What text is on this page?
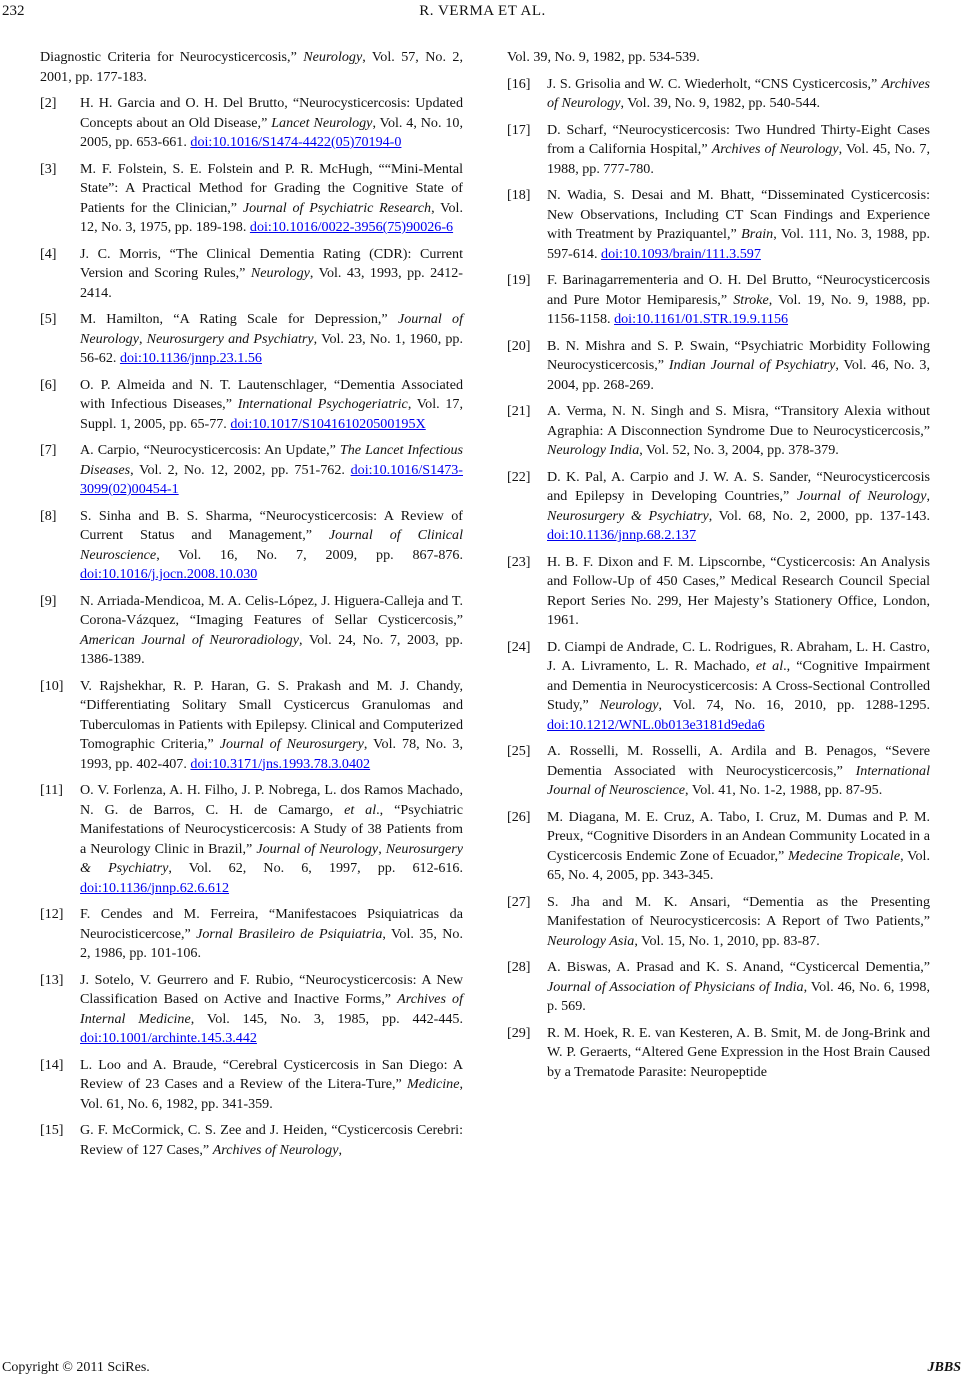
232	R. VERMA ET AL.
Diagnostic Criteria for Neurocysticercosis,” Neurology, Vol. 57, No. 2, 2001, pp. 177-183.
[2]	H. H. Garcia and O. H. Del Brutto, “Neurocysticercosis: Updated Concepts about an Old Disease,” Lancet Neurology, Vol. 4, No. 10, 2005, pp. 653-661. doi:10.1016/S1474-4422(05)70194-0
[3]	M. F. Folstein, S. E. Folstein and P. R. McHugh, ““Mini-Mental State”: A Practical Method for Grading the Cognitive State of Patients for the Clinician,” Journal of Psychiatric Research, Vol. 12, No. 3, 1975, pp. 189-198. doi:10.1016/0022-3956(75)90026-6
[4]	J. C. Morris, “The Clinical Dementia Rating (CDR): Current Version and Scoring Rules,” Neurology, Vol. 43, 1993, pp. 2412-2414.
[5]	M. Hamilton, “A Rating Scale for Depression,” Journal of Neurology, Neurosurgery and Psychiatry, Vol. 23, No. 1, 1960, pp. 56-62. doi:10.1136/jnnp.23.1.56
[6]	O. P. Almeida and N. T. Lautenschlager, “Dementia Associated with Infectious Diseases,” International Psychogeriatric, Vol. 17, Suppl. 1, 2005, pp. 65-77. doi:10.1017/S104161020500195X
[7]	A. Carpio, “Neurocysticercosis: An Update,” The Lancet Infectious Diseases, Vol. 2, No. 12, 2002, pp. 751-762. doi:10.1016/S1473-3099(02)00454-1
[8]	S. Sinha and B. S. Sharma, “Neurocysticercosis: A Review of Current Status and Management,” Journal of Clinical Neuroscience, Vol. 16, No. 7, 2009, pp. 867-876. doi:10.1016/j.jocn.2008.10.030
[9]	N. Arriada-Mendicoa, M. A. Celis-López, J. Higuera-Calleja and T. Corona-Vázquez, “Imaging Features of Sellar Cysticercosis,” American Journal of Neuroradiology, Vol. 24, No. 7, 2003, pp. 1386-1389.
[10]	V. Rajshekhar, R. P. Haran, G. S. Prakash and M. J. Chandy, “Differentiating Solitary Small Cysticercus Granulomas and Tuberculomas in Patients with Epilepsy. Clinical and Computerized Tomographic Criteria,” Journal of Neurosurgery, Vol. 78, No. 3, 1993, pp. 402-407. doi:10.3171/jns.1993.78.3.0402
[11]	O. V. Forlenza, A. H. Filho, J. P. Nobrega, L. dos Ramos Machado, N. G. de Barros, C. H. de Camargo, et al., “Psychiatric Manifestations of Neurocysticercosis: A Study of 38 Patients from a Neurology Clinic in Brazil,” Journal of Neurology, Neurosurgery & Psychiatry, Vol. 62, No. 6, 1997, pp. 612-616. doi:10.1136/jnnp.62.6.612
[12]	F. Cendes and M. Ferreira, “Manifestacoes Psiquiatricas da Neurocisticercose,” Jornal Brasileiro de Psiquiatria, Vol. 35, No. 2, 1986, pp. 101-106.
[13]	J. Sotelo, V. Geurrero and F. Rubio, “Neurocysticercosis: A New Classification Based on Active and Inactive Forms,” Archives of Internal Medicine, Vol. 145, No. 3, 1985, pp. 442-445. doi:10.1001/archinte.145.3.442
[14]	L. Loo and A. Braude, “Cerebral Cysticercosis in San Diego: A Review of 23 Cases and a Review of the Litera-Ture,” Medicine, Vol. 61, No. 6, 1982, pp. 341-359.
[15]	G. F. McCormick, C. S. Zee and J. Heiden, “Cysticercosis Cerebri: Review of 127 Cases,” Archives of Neurology,
Vol. 39, No. 9, 1982, pp. 534-539.
[16]	J. S. Grisolia and W. C. Wiederholt, “CNS Cysticercosis,” Archives of Neurology, Vol. 39, No. 9, 1982, pp. 540-544.
[17]	D. Scharf, “Neurocysticercosis: Two Hundred Thirty-Eight Cases from a California Hospital,” Archives of Neurology, Vol. 45, No. 7, 1988, pp. 777-780.
[18]	N. Wadia, S. Desai and M. Bhatt, “Disseminated Cysticercosis: New Observations, Including CT Scan Findings and Experience with Treatment by Praziquantel,” Brain, Vol. 111, No. 3, 1988, pp. 597-614. doi:10.1093/brain/111.3.597
[19]	F. Barinagarrementeria and O. H. Del Brutto, “Neurocysticercosis and Pure Motor Hemiparesis,” Stroke, Vol. 19, No. 9, 1988, pp. 1156-1158. doi:10.1161/01.STR.19.9.1156
[20]	B. N. Mishra and S. P. Swain, “Psychiatric Morbidity Following Neurocysticercosis,” Indian Journal of Psychiatry, Vol. 46, No. 3, 2004, pp. 268-269.
[21]	A. Verma, N. N. Singh and S. Misra, “Transitory Alexia without Agraphia: A Disconnection Syndrome Due to Neurocysticercosis,” Neurology India, Vol. 52, No. 3, 2004, pp. 378-379.
[22]	D. K. Pal, A. Carpio and J. W. A. S. Sander, “Neurocysticercosis and Epilepsy in Developing Countries,” Journal of Neurology, Neurosurgery & Psychiatry, Vol. 68, No. 2, 2000, pp. 137-143. doi:10.1136/jnnp.68.2.137
[23]	H. B. F. Dixon and F. M. Lipscornbe, “Cysticercosis: An Analysis and Follow-Up of 450 Cases,” Medical Research Council Special Report Series No. 299, Her Majesty’s Stationery Office, London, 1961.
[24]	D. Ciampi de Andrade, C. L. Rodrigues, R. Abraham, L. H. Castro, J. A. Livramento, L. R. Machado, et al., “Cognitive Impairment and Dementia in Neurocysticercosis: A Cross-Sectional Controlled Study,” Neurology, Vol. 74, No. 16, 2010, pp. 1288-1295. doi:10.1212/WNL.0b013e3181d9eda6
[25]	A. Rosselli, M. Rosselli, A. Ardila and B. Penagos, “Severe Dementia Associated with Neurocysticercosis,” International Journal of Neuroscience, Vol. 41, No. 1-2, 1988, pp. 87-95.
[26]	M. Diagana, M. E. Cruz, A. Tabo, I. Cruz, M. Dumas and P. M. Preux, “Cognitive Disorders in an Andean Community Located in a Cysticercosis Endemic Zone of Ecuador,” Medecine Tropicale, Vol. 65, No. 4, 2005, pp. 343-345.
[27]	S. Jha and M. K. Ansari, “Dementia as the Presenting Manifestation of Neurocysticercosis: A Report of Two Patients,” Neurology Asia, Vol. 15, No. 1, 2010, pp. 83-87.
[28]	A. Biswas, A. Prasad and K. S. Anand, “Cysticercal Dementia,” Journal of Association of Physicians of India, Vol. 46, No. 6, 1998, p. 569.
[29]	R. M. Hoek, R. E. van Kesteren, A. B. Smit, M. de Jong-Brink and W. P. Geraerts, “Altered Gene Expression in the Host Brain Caused by a Trematode Parasite: Neuropeptide
Copyright © 2011 SciRes.	JBBS
